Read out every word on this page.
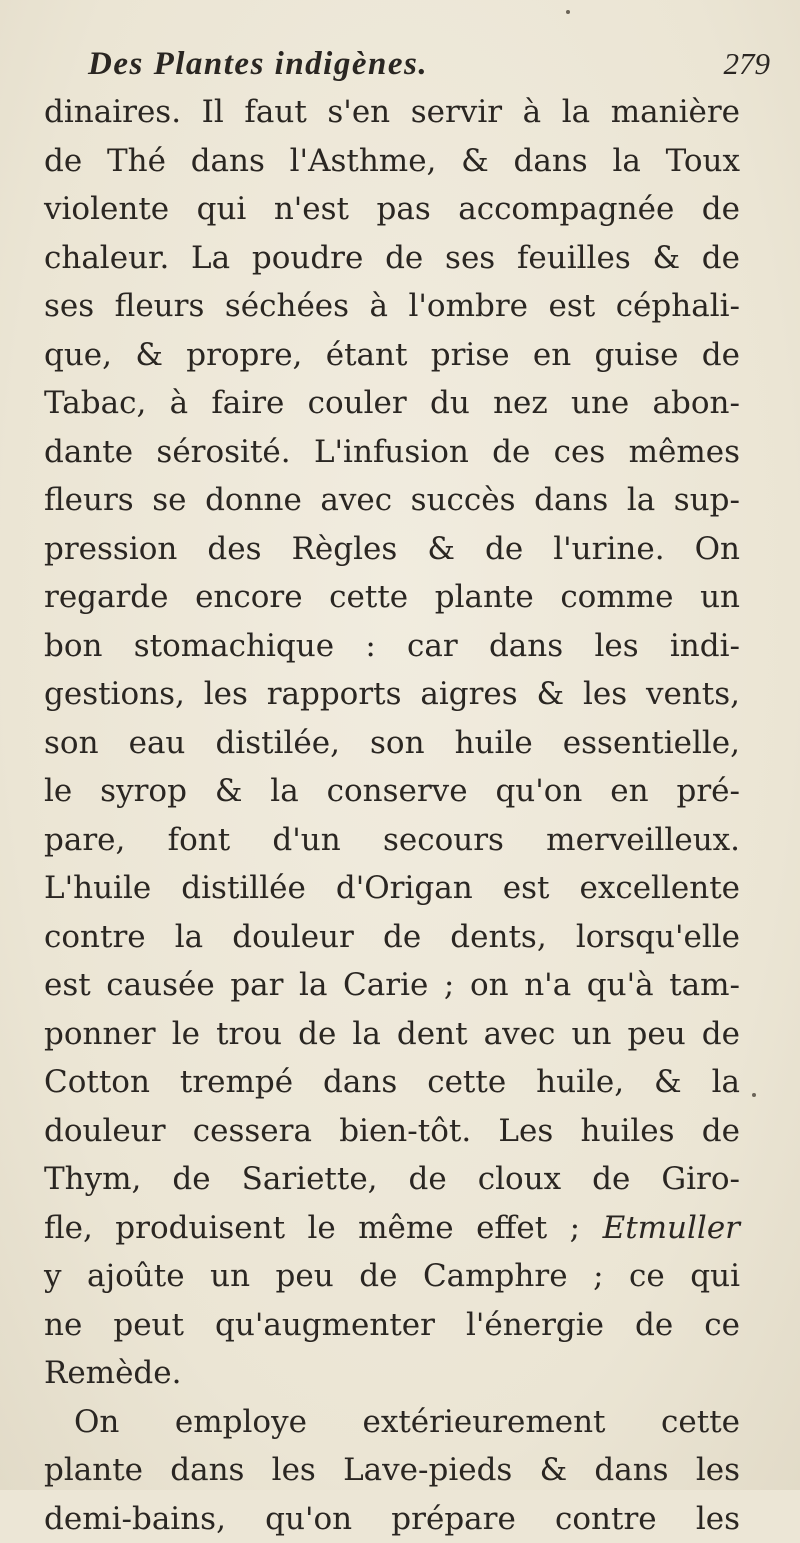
Des Plantes indigènes.	279
dinaires. Il faut s'en servir à la manière
de Thé dans l'Asthme, & dans la Toux
violente qui n'est pas accompagnée de
chaleur. La poudre de ses feuilles & de
ses fleurs séchées à l'ombre est céphali-
que, & propre, étant prise en guise de
Tabac, à faire couler du nez une abon-
dante sérosité. L'infusion de ces mêmes
fleurs se donne avec succès dans la sup-
pression des Règles & de l'urine. On
regarde encore cette plante comme un
bon stomachique : car dans les indi-
gestions, les rapports aigres & les vents,
son eau distilée, son huile essentielle,
le syrop & la conserve qu'on en pré-
pare, font d'un secours merveilleux.
L'huile distillée d'Origan est excellente
contre la douleur de dents, lorsqu'elle
est causée par la Carie ; on n'a qu'à tam-
ponner le trou de la dent avec un peu de
Cotton trempé dans cette huile, & la
douleur cessera bien-tôt. Les huiles de
Thym, de Sariette, de cloux de Giro-
fle, produisent le même effet ; Etmuller
y ajoûte un peu de Camphre ; ce qui
ne peut qu'augmenter l'énergie de ce
Remède.
On employe extérieurement cette
plante dans les Lave-pieds & dans les
demi-bains, qu'on prépare contre les
